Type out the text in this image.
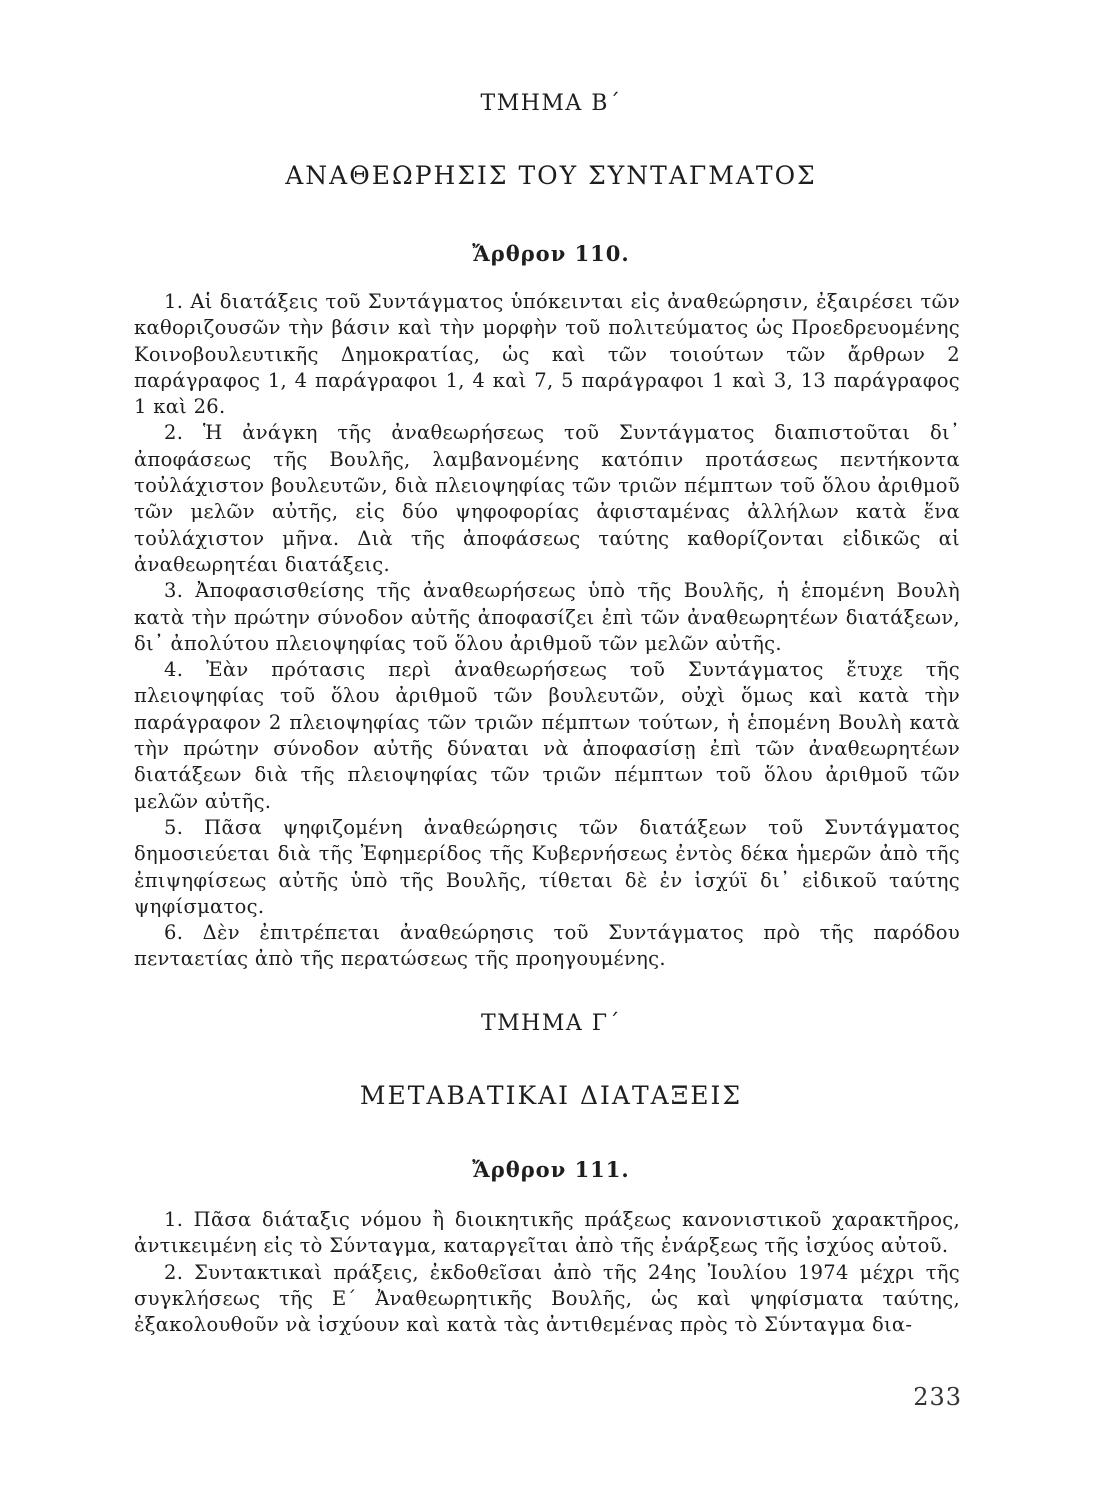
ΤΜΗΜΑ Β΄
ΑΝΑΘΕΩΡΗΣΙΣ ΤΟΥ ΣΥΝΤΑΓΜΑΤΟΣ
Ἄρθρον 110.

1. Αἱ διατάξεις τοῦ Συντάγματος ὑπόκεινται εἰς ἀναθεώρησιν, ἐξαιρέσει τῶν καθοριζουσῶν τὴν βάσιν καὶ τὴν μορφὴν τοῦ πολιτεύματος ὡς Προεδρευομένης Κοινοβουλευτικῆς Δημοκρατίας, ὡς καὶ τῶν τοιούτων τῶν ἄρθρων 2 παράγραφος 1, 4 παράγραφοι 1, 4 καὶ 7, 5 παράγραφοι 1 καὶ 3, 13 παράγραφος 1 καὶ 26.

2. Ἡ ἀνάγκη τῆς ἀναθεωρήσεως τοῦ Συντάγματος διαπιστοῦται δι᾿ ἀποφάσεως τῆς Βουλῆς, λαμβανομένης κατόπιν προτάσεως πεντήκοντα τοὐλάχιστον βουλευτῶν, διὰ πλειοψηφίας τῶν τριῶν πέμπτων τοῦ ὅλου ἀριθμοῦ τῶν μελῶν αὐτῆς, εἰς δύο ψηφοφορίας ἀφισταμένας ἀλλήλων κατὰ ἕνα τοὐλάχιστον μῆνα. Διὰ τῆς ἀποφάσεως ταύτης καθορίζονται εἰδικῶς αἱ ἀναθεωρητέαι διατάξεις.

3. Ἀποφασισθείσης τῆς ἀναθεωρήσεως ὑπὸ τῆς Βουλῆς, ἡ ἑπομένη Βουλὴ κατὰ τὴν πρώτην σύνοδον αὐτῆς ἀποφασίζει ἐπὶ τῶν ἀναθεωρητέων διατάξεων, δι᾿ ἀπολύτου πλειοψηφίας τοῦ ὅλου ἀριθμοῦ τῶν μελῶν αὐτῆς.

4. Ἐὰν πρότασις περὶ ἀναθεωρήσεως τοῦ Συντάγματος ἔτυχε τῆς πλειοψηφίας τοῦ ὅλου ἀριθμοῦ τῶν βουλευτῶν, οὐχὶ ὅμως καὶ κατὰ τὴν παράγραφον 2 πλειοψηφίας τῶν τριῶν πέμπτων τούτων, ἡ ἑπομένη Βουλὴ κατὰ τὴν πρώτην σύνοδον αὐτῆς δύναται νὰ ἀποφασίσῃ ἐπὶ τῶν ἀναθεωρητέων διατάξεων διὰ τῆς πλειοψηφίας τῶν τριῶν πέμπτων τοῦ ὅλου ἀριθμοῦ τῶν μελῶν αὐτῆς.

5. Πᾶσα ψηφιζομένη ἀναθεώρησις τῶν διατάξεων τοῦ Συντάγματος δημοσιεύεται διὰ τῆς Ἐφημερίδος τῆς Κυβερνήσεως ἐντὸς δέκα ἡμερῶν ἀπὸ τῆς ἐπιψηφίσεως αὐτῆς ὑπὸ τῆς Βουλῆς, τίθεται δὲ ἐν ἰσχύϊ δι᾿ εἰδικοῦ ταύτης ψηφίσματος.

6. Δὲν ἐπιτρέπεται ἀναθεώρησις τοῦ Συντάγματος πρὸ τῆς παρόδου πενταετίας ἀπὸ τῆς περατώσεως τῆς προηγουμένης.

ΤΜΗΜΑ Γ΄
ΜΕΤΑΒΑΤΙΚΑΙ ΔΙΑΤΑΞΕΙΣ
Ἄρθρον 111.

1. Πᾶσα διάταξις νόμου ἢ διοικητικῆς πράξεως κανονιστικοῦ χαρακτῆρος, ἀντικειμένη εἰς τὸ Σύνταγμα, καταργεῖται ἀπὸ τῆς ἐνάρξεως τῆς ἰσχύος αὐτοῦ.

2. Συντακτικαὶ πράξεις, ἐκδοθεῖσαι ἀπὸ τῆς 24ης Ἰουλίου 1974 μέχρι τῆς συγκλήσεως τῆς Ε΄ Ἀναθεωρητικῆς Βουλῆς, ὡς καὶ ψηφίσματα ταύτης, ἐξακολουθοῦν νὰ ἰσχύουν καὶ κατὰ τὰς ἀντιθεμένας πρὸς τὸ Σύνταγμα δια-

233
